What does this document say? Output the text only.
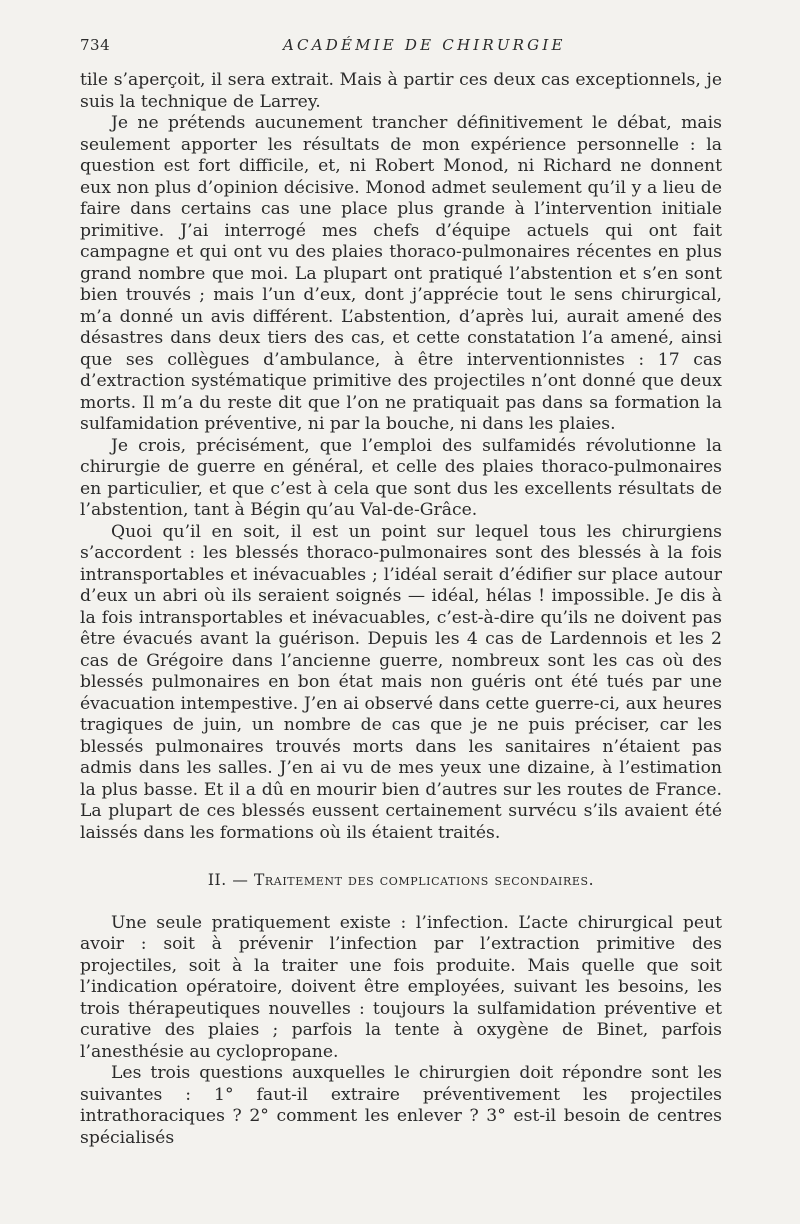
734	ACADÉMIE DE CHIRURGIE

tile s’aperçoit, il sera extrait. Mais à partir ces deux cas exceptionnels, je suis la technique de Larrey.

Je ne prétends aucunement trancher définitivement le débat, mais seulement apporter les résultats de mon expérience personnelle : la question est fort difficile, et, ni Robert Monod, ni Richard ne donnent eux non plus d’opinion décisive. Monod admet seulement qu’il y a lieu de faire dans certains cas une place plus grande à l’intervention initiale primitive. J’ai interrogé mes chefs d’équipe actuels qui ont fait campagne et qui ont vu des plaies thoraco-pulmonaires récentes en plus grand nombre que moi. La plupart ont pratiqué l’abstention et s’en sont bien trouvés ; mais l’un d’eux, dont j’apprécie tout le sens chirurgical, m’a donné un avis différent. L’abstention, d’après lui, aurait amené des désastres dans deux tiers des cas, et cette constatation l’a amené, ainsi que ses collègues d’ambulance, à être interventionnistes : 17 cas d’extraction systématique primitive des projectiles n’ont donné que deux morts. Il m’a du reste dit que l’on ne pratiquait pas dans sa formation la sulfamidation préventive, ni par la bouche, ni dans les plaies.

Je crois, précisément, que l’emploi des sulfamidés révolutionne la chirurgie de guerre en général, et celle des plaies thoraco-pulmonaires en particulier, et que c’est à cela que sont dus les excellents résultats de l’abstention, tant à Bégin qu’au Val-de-Grâce.

Quoi qu’il en soit, il est un point sur lequel tous les chirurgiens s’accordent : les blessés thoraco-pulmonaires sont des blessés à la fois intransportables et inévacuables ; l’idéal serait d’édifier sur place autour d’eux un abri où ils seraient soignés — idéal, hélas ! impossible. Je dis à la fois intransportables et inévacuables, c’est-à-dire qu’ils ne doivent pas être évacués avant la guérison. Depuis les 4 cas de Lardennois et les 2 cas de Grégoire dans l’ancienne guerre, nombreux sont les cas où des blessés pulmonaires en bon état mais non guéris ont été tués par une évacuation intempestive. J’en ai observé dans cette guerre-ci, aux heures tragiques de juin, un nombre de cas que je ne puis préciser, car les blessés pulmonaires trouvés morts dans les sanitaires n’étaient pas admis dans les salles. J’en ai vu de mes yeux une dizaine, à l’estimation la plus basse. Et il a dû en mourir bien d’autres sur les routes de France. La plupart de ces blessés eussent certainement survécu s’ils avaient été laissés dans les formations où ils étaient traités.

II. — Traitement des complications secondaires.

Une seule pratiquement existe : l’infection. L’acte chirurgical peut avoir : soit à prévenir l’infection par l’extraction primitive des projectiles, soit à la traiter une fois produite. Mais quelle que soit l’indication opératoire, doivent être employées, suivant les besoins, les trois thérapeutiques nouvelles : toujours la sulfamidation préventive et curative des plaies ; parfois la tente à oxygène de Binet, parfois l’anesthésie au cyclopropane.

Les trois questions auxquelles le chirurgien doit répondre sont les suivantes : 1° faut-il extraire préventivement les projectiles intrathoraciques ? 2° comment les enlever ? 3° est-il besoin de centres spécialisés
